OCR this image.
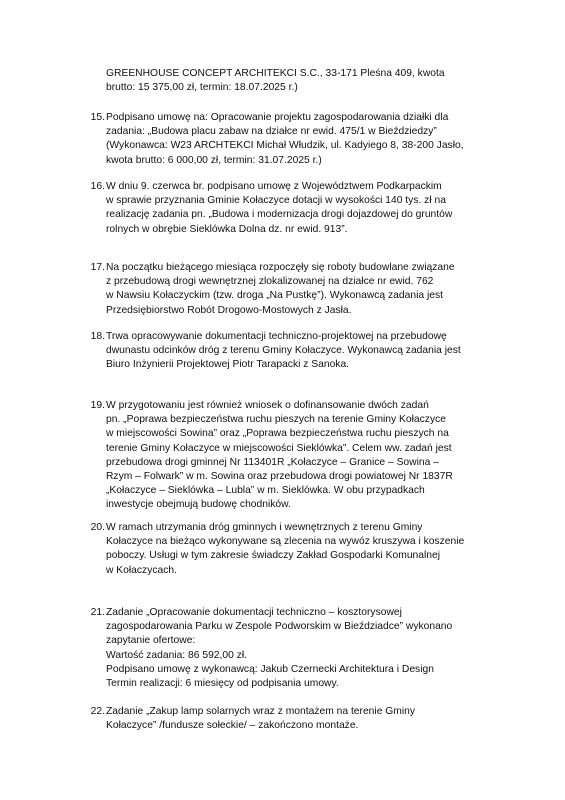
GREENHOUSE CONCEPT ARCHITEKCI S.C., 33-171 Pleśna 409, kwota

brutto: 15 375,00 zł, termin: 18.07.2025 r.)

15. Podpisano umowę na: Opracowanie projektu zagospodarowania działki dla

zadania: „Budowa placu zabaw na działce nr ewid. 475/1 w Bieździedzy”

(Wykonawca: W23 ARCHTEKCI Michał Włudzik, ul. Kadyiego 8, 38-200 Jasło,

kwota brutto: 6 000,00 zł, termin: 31.07.2025 r.)

16. W dniu 9. czerwca br. podpisano umowę z Województwem Podkarpackim

w sprawie przyznania Gminie Kołaczyce dotacji w wysokości 140 tys. zł na

realizację zadania pn. „Budowa i modernizacja drogi dojazdowej do gruntów

rolnych w obrębie Sieklówka Dolna dz. nr ewid. 913”.

17. Na początku bieżącego miesiąca rozpoczęły się roboty budowlane związane

z przebudową drogi wewnętrznej zlokalizowanej na działce nr ewid. 762

w Nawsiu Kołaczyckim (tzw. droga „Na Pustkę”). Wykonawcą zadania jest

Przedsiębiorstwo Robót Drogowo-Mostowych z Jasła.

18. Trwa opracowywanie dokumentacji techniczno-projektowej na przebudowę

dwunastu odcinków dróg z terenu Gminy Kołaczyce. Wykonawcą zadania jest

Biuro Inżynierii Projektowej Piotr Tarapacki z Sanoka.

19. W przygotowaniu jest również wniosek o dofinansowanie dwóch zadań

pn. „Poprawa bezpieczeństwa ruchu pieszych na terenie Gminy Kołaczyce

w miejscowości Sowina” oraz „Poprawa bezpieczeństwa ruchu pieszych na

terenie Gminy Kołaczyce w miejscowości Sieklówka”. Celem ww. zadań jest

przebudowa drogi gminnej Nr 113401R „Kołaczyce – Granice – Sowina –

Rzym – Folwark” w m. Sowina oraz przebudowa drogi powiatowej Nr 1837R

„Kołaczyce – Sieklówka – Lubla” w m. Sieklówka. W obu przypadkach

inwestycje obejmują budowę chodników.

20. W ramach utrzymania dróg gminnych i wewnętrznych z terenu Gminy

Kołaczyce na bieżąco wykonywane są zlecenia na wywóz kruszywa i koszenie

poboczy. Usługi w tym zakresie świadczy Zakład Gospodarki Komunalnej

w Kołaczycach.

21. Zadanie „Opracowanie dokumentacji techniczno – kosztorysowej

zagospodarowania Parku w Zespole Podworskim w Bieździadce” wykonano

zapytanie ofertowe:

Wartość zadania: 86 592,00 zł.

Podpisano umowę z wykonawcą: Jakub Czernecki Architektura i Design

Termin realizacji: 6 miesięcy od podpisania umowy.

22. Zadanie „Zakup lamp solarnych wraz z montażem na terenie Gminy

Kołaczyce” /fundusze sołeckie/ – zakończono montaże.
